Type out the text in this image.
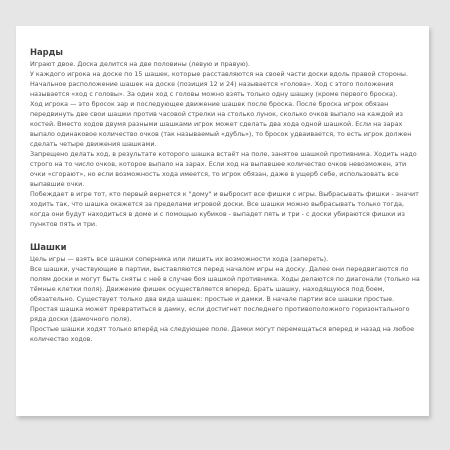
Нарды

Играют двое. Доска делится на две половины (левую и правую).

У каждого игрока на доске по 15 шашек, которые расставляются на своей части доски вдоль правой стороны. Начальное расположение шашек на доске (позиция 12 и 24) называется «голова». Ход с этого положения называется «ход с головы». За один ход с головы можно взять только одну шашку (кроме первого броска).

Ход игрока — это бросок зар и последующее движение шашек после броска. После броска игрок обязан передвинуть две свои шашки против часовой стрелки на столько лунок, сколько очков выпало на каждой из костей. Вместо ходов двумя разными шашками игрок может сделать два хода одной шашкой. Если на зарах выпало одинаковое количество очков (так называемый «дубль»), то бросок удваивается, то есть игрок должен сделать четыре движения шашками.

Запрещено делать ход, в результате которого шашка встаёт на поле, занятое шашкой противника. Ходить надо строго на то число очков, которое выпало на зарах. Если ход на выпавшее количество очков невозможен, эти очки «сгорают», но если возможность хода имеется, то игрок обязан, даже в ущерб себе, использовать все выпавшие очки.

Побеждает в игре тот, кто первый вернется к "дому" и выбросит все фишки с игры. Выбрасывать фишки - значит ходить так, что шашка окажется за пределами игровой доски. Все шашки можно выбрасывать только тогда, когда они будут находиться в доме и с помощью кубиков - выпадет пять и три - с доски убираются фишки из пунктов пять и три.

Шашки

Цель игры — взять все шашки соперника или лишить их возможности хода (запереть).

Все шашки, участвующие в партии, выставляются перед началом игры на доску. Далее они передвигаются по полям доски и могут быть сняты с неё в случае боя шашкой противника. Ходы делаются по диагонали (только на тёмные клетки поля). Движение фишек осуществляется вперед. Брать шашку, находящуюся под боем, обязательно. Существует только два вида шашек: простые и дамки. В начале партии все шашки простые. Простая шашка может превратиться в дамку, если достигнет последнего противоположного горизонтального ряда доски (дамочного поля).

Простые шашки ходят только вперёд на следующее поле. Дамки могут перемещаться вперед и назад на любое количество ходов.
